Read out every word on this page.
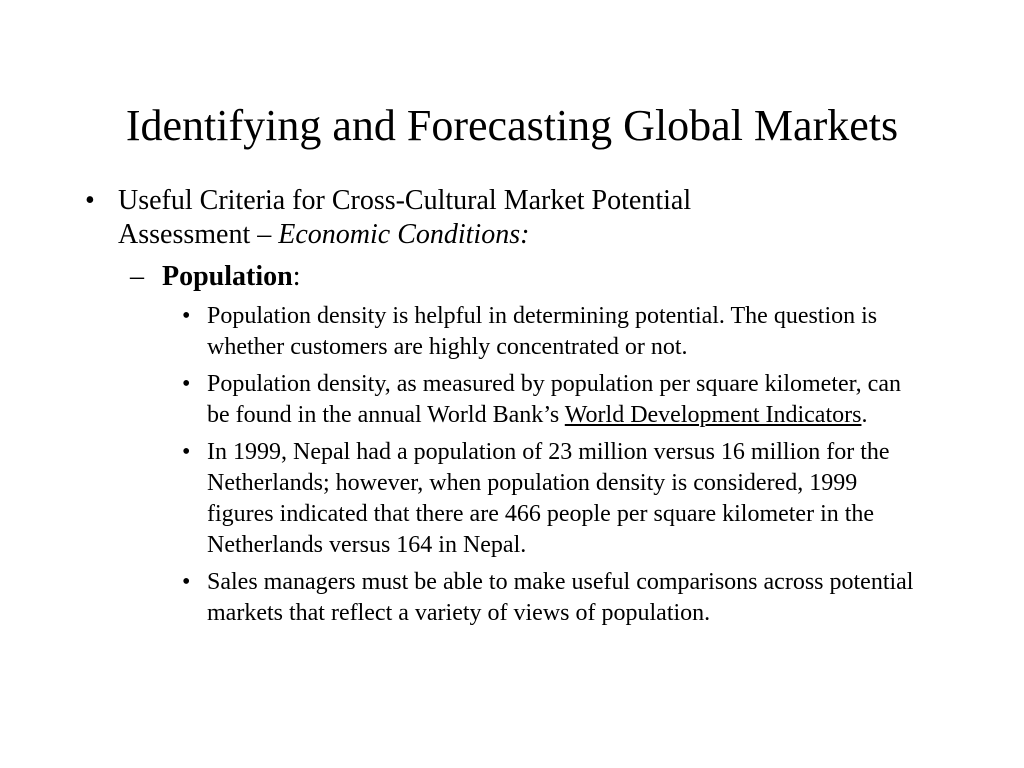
Identifying and Forecasting Global Markets
• Useful Criteria for Cross-Cultural Market Potential
Assessment – Economic Conditions:
– Population:
• Population density is helpful in determining potential. The question is whether customers are highly concentrated or not.
• Population density, as measured by population per square kilometer, can be found in the annual World Bank’s World Development Indicators.
• In 1999, Nepal had a population of 23 million versus 16 million for the Netherlands; however, when population density is considered, 1999 figures indicated that there are 466 people per square kilometer in the Netherlands versus 164 in Nepal.
• Sales managers must be able to make useful comparisons across potential markets that reflect a variety of views of population.
